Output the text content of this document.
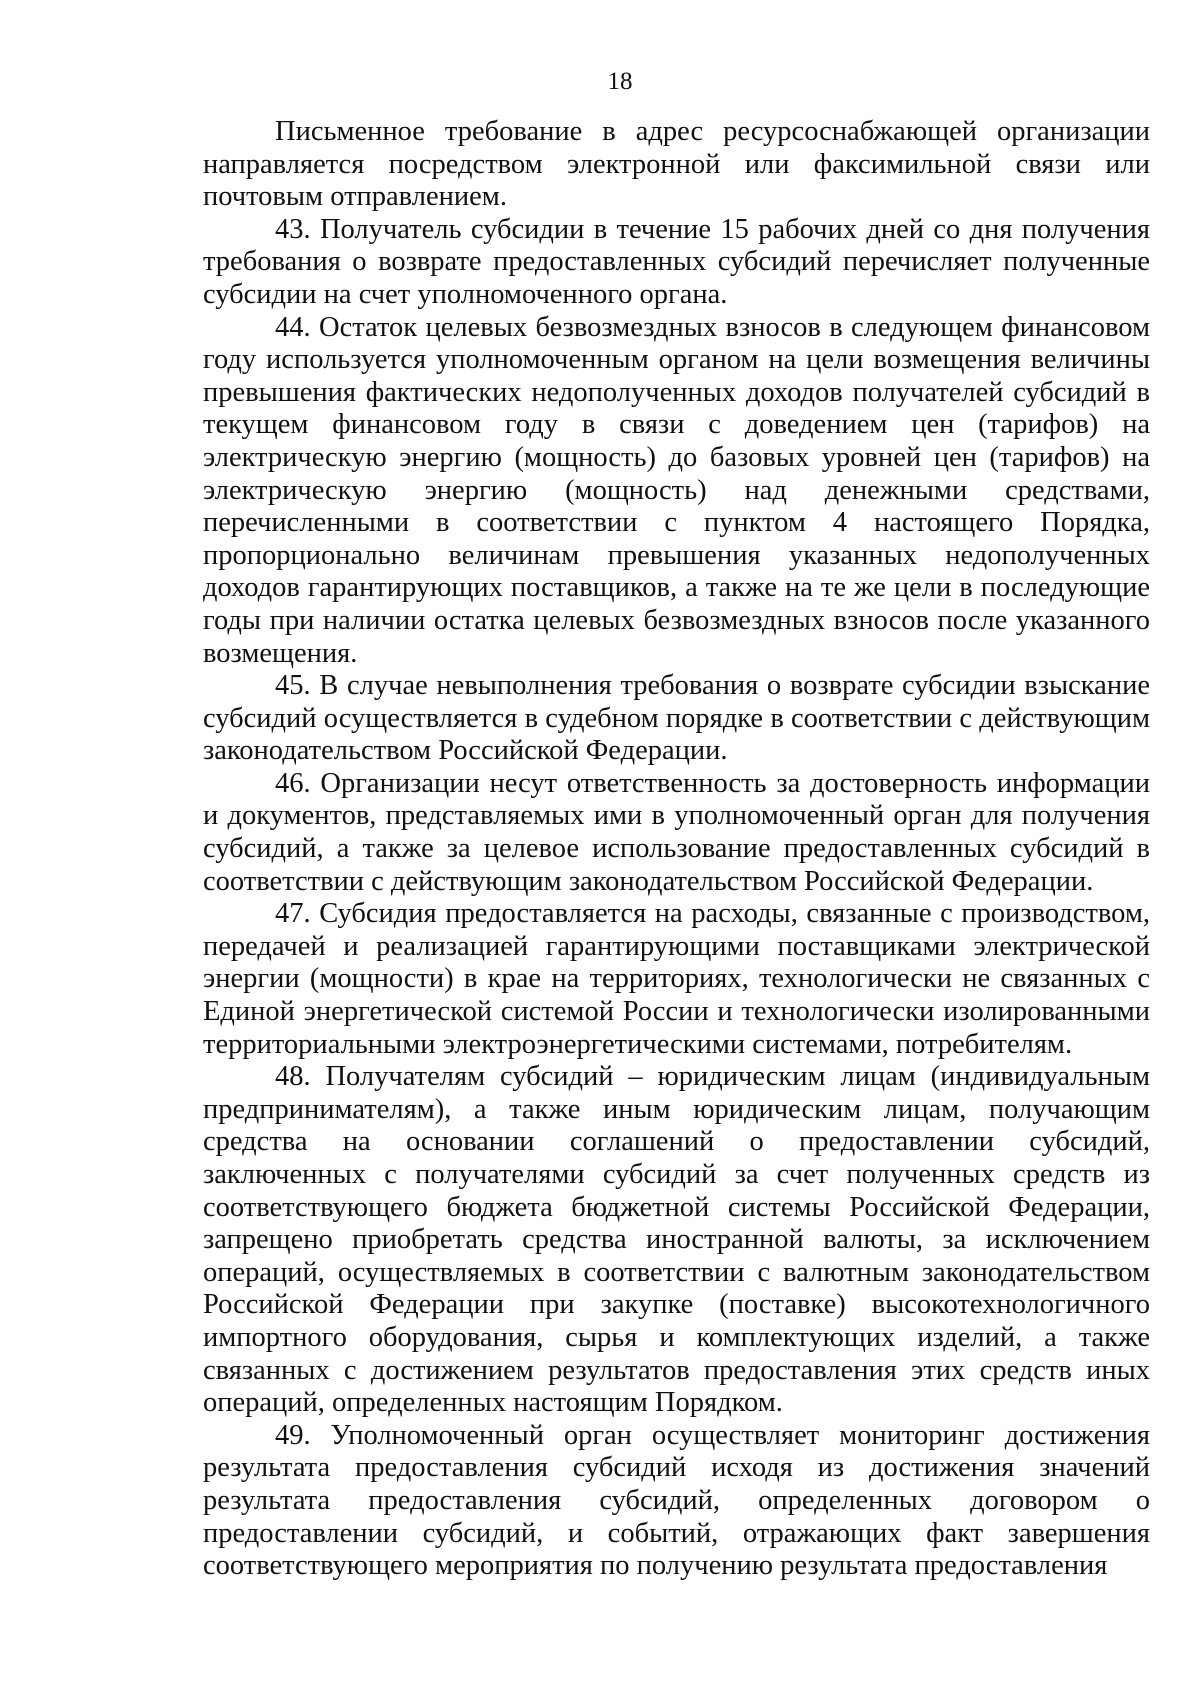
18

Письменное требование в адрес ресурсоснабжающей организации направляется посредством электронной или факсимильной связи или почтовым отправлением.

43. Получатель субсидии в течение 15 рабочих дней со дня получения требования о возврате предоставленных субсидий перечисляет полученные субсидии на счет уполномоченного органа.

44. Остаток целевых безвозмездных взносов в следующем финансовом году используется уполномоченным органом на цели возмещения величины превышения фактических недополученных доходов получателей субсидий в текущем финансовом году в связи с доведением цен (тарифов) на электрическую энергию (мощность) до базовых уровней цен (тарифов) на электрическую энергию (мощность) над денежными средствами, перечисленными в соответствии с пунктом 4 настоящего Порядка, пропорционально величинам превышения указанных недополученных доходов гарантирующих поставщиков, а также на те же цели в последующие годы при наличии остатка целевых безвозмездных взносов после указанного возмещения.

45. В случае невыполнения требования о возврате субсидии взыскание субсидий осуществляется в судебном порядке в соответствии с действующим законодательством Российской Федерации.

46. Организации несут ответственность за достоверность информации и документов, представляемых ими в уполномоченный орган для получения субсидий, а также за целевое использование предоставленных субсидий в соответствии с действующим законодательством Российской Федерации.

47. Субсидия предоставляется на расходы, связанные с производством, передачей и реализацией гарантирующими поставщиками электрической энергии (мощности) в крае на территориях, технологически не связанных с Единой энергетической системой России и технологически изолированными территориальными электроэнергетическими системами, потребителям.

48. Получателям субсидий – юридическим лицам (индивидуальным предпринимателям), а также иным юридическим лицам, получающим средства на основании соглашений о предоставлении субсидий, заключенных с получателями субсидий за счет полученных средств из соответствующего бюджета бюджетной системы Российской Федерации, запрещено приобретать средства иностранной валюты, за исключением операций, осуществляемых в соответствии с валютным законодательством Российской Федерации при закупке (поставке) высокотехнологичного импортного оборудования, сырья и комплектующих изделий, а также связанных с достижением результатов предоставления этих средств иных операций, определенных настоящим Порядком.

49. Уполномоченный орган осуществляет мониторинг достижения результата предоставления субсидий исходя из достижения значений результата предоставления субсидий, определенных договором о предоставлении субсидий, и событий, отражающих факт завершения соответствующего мероприятия по получению результата предоставления
